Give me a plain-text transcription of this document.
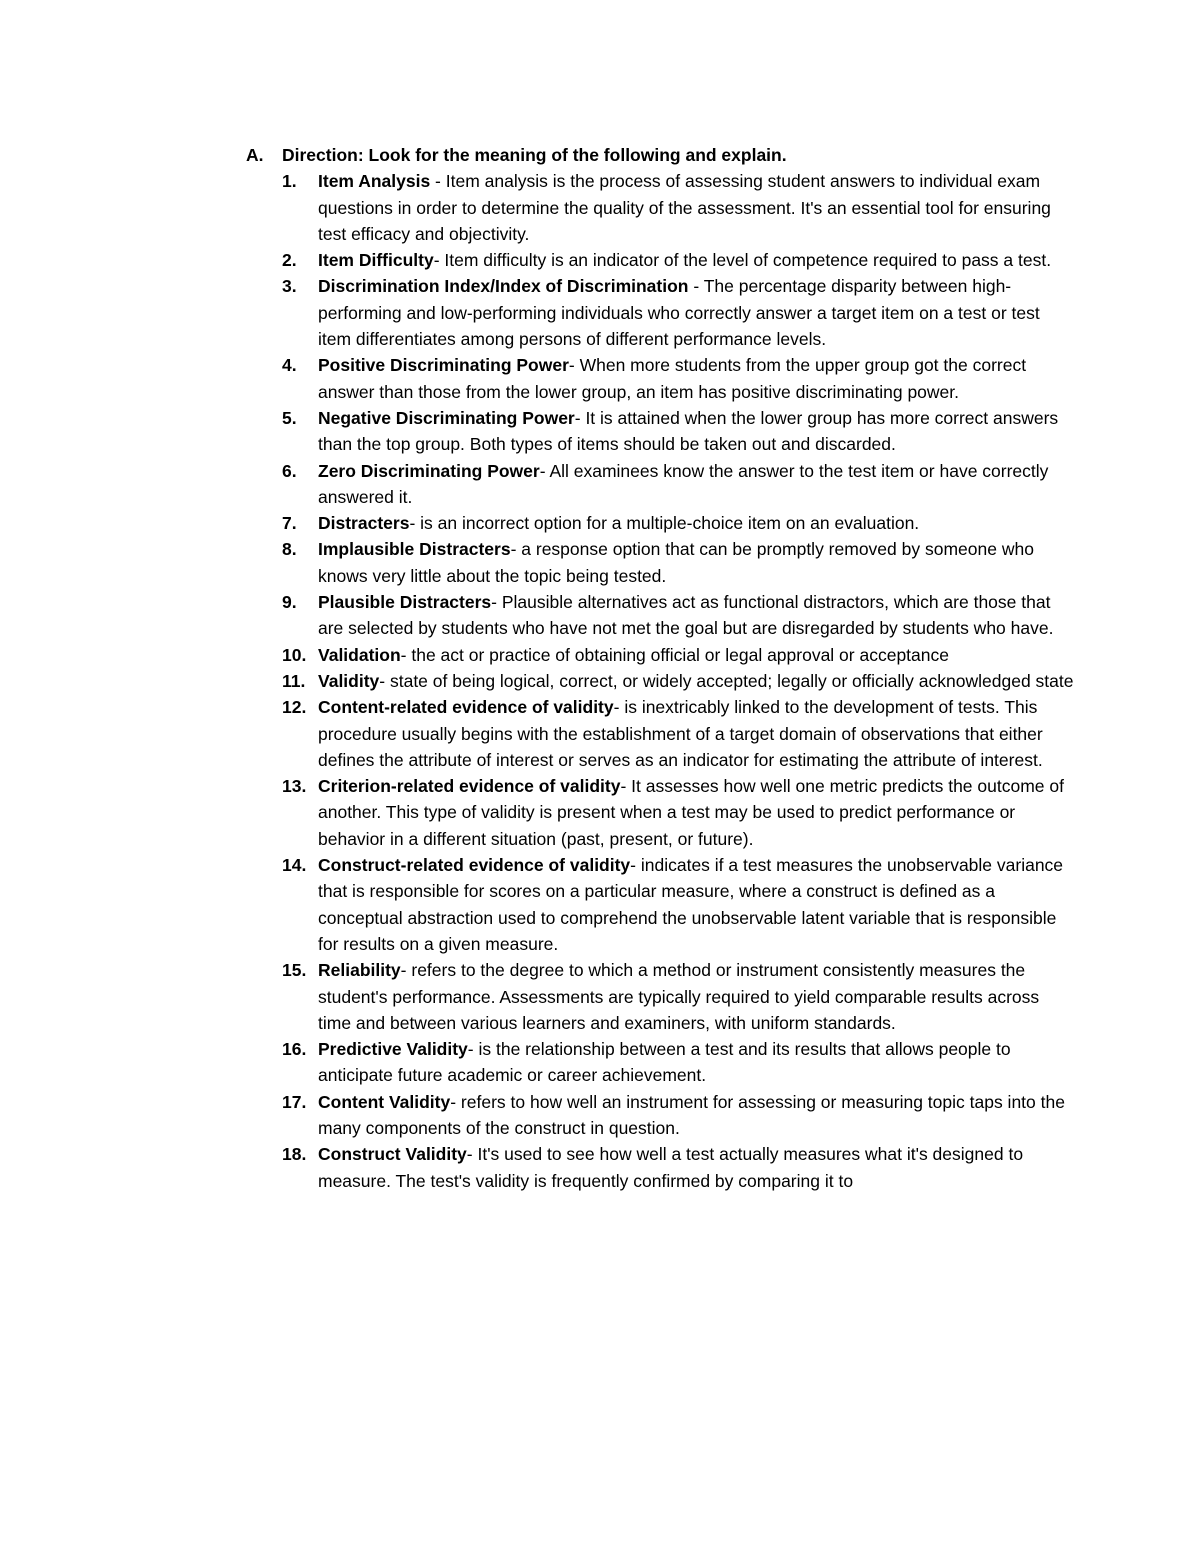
A.	Direction: Look for the meaning of the following and explain.
1.	Item Analysis - Item analysis is the process of assessing student answers to individual exam questions in order to determine the quality of the assessment. It's an essential tool for ensuring test efficacy and objectivity.
2.	Item Difficulty- Item difficulty is an indicator of the level of competence required to pass a test.
3.	Discrimination Index/Index of Discrimination - The percentage disparity between high-performing and low-performing individuals who correctly answer a target item on a test or test item differentiates among persons of different performance levels.
4.	Positive Discriminating Power- When more students from the upper group got the correct answer than those from the lower group, an item has positive discriminating power.
5.	Negative Discriminating Power- It is attained when the lower group has more correct answers than the top group. Both types of items should be taken out and discarded.
6.	Zero Discriminating Power- All examinees know the answer to the test item or have correctly answered it.
7.	Distracters- is an incorrect option for a multiple-choice item on an evaluation.
8.	Implausible Distracters- a response option that can be promptly removed by someone who knows very little about the topic being tested.
9.	Plausible Distracters- Plausible alternatives act as functional distractors, which are those that are selected by students who have not met the goal but are disregarded by students who have.
10. Validation- the act or practice of obtaining official or legal approval or acceptance
11. Validity- state of being logical, correct, or widely accepted; legally or officially acknowledged state
12. Content-related evidence of validity- is inextricably linked to the development of tests. This procedure usually begins with the establishment of a target domain of observations that either defines the attribute of interest or serves as an indicator for estimating the attribute of interest.
13. Criterion-related evidence of validity- It assesses how well one metric predicts the outcome of another. This type of validity is present when a test may be used to predict performance or behavior in a different situation (past, present, or future).
14. Construct-related evidence of validity- indicates if a test measures the unobservable variance that is responsible for scores on a particular measure, where a construct is defined as a conceptual abstraction used to comprehend the unobservable latent variable that is responsible for results on a given measure.
15. Reliability- refers to the degree to which a method or instrument consistently measures the student's performance. Assessments are typically required to yield comparable results across time and between various learners and examiners, with uniform standards.
16. Predictive Validity- is the relationship between a test and its results that allows people to anticipate future academic or career achievement.
17. Content Validity- refers to how well an instrument for assessing or measuring topic taps into the many components of the construct in question.
18. Construct Validity- It's used to see how well a test actually measures what it's designed to measure. The test's validity is frequently confirmed by comparing it to
